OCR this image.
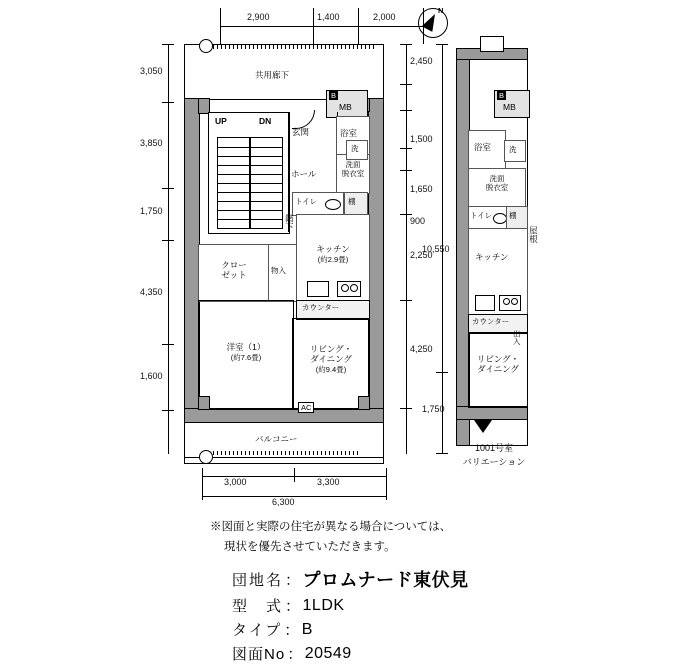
N
2,900	1,400	2,000
3,050
3,850
1,750
4,350
1,600
共用廊下
B
MB
UP	DN
玄関
ホール
浴室
洗面
脱衣室
洗
トイレ	棚
階下
クロー
ゼット	物入
キッチン
(約2.9畳)
カウンター
洋室（1）
(約7.6畳)
リビング・
ダイニング
(約9.4畳)
AC
バルコニー
2,450
1,500
1,650
900
2,250
4,250
10,550
1,750
B
MB
浴室 洗
洗面
脱衣室
トイレ 棚
キッチン
カウンター
リビング・
ダイニング
屋根
出入
1001号室
バリエーション
3,000	3,300
6,300
※図面と実際の住宅が異なる場合については、
現状を優先させていただきます。
団地名 ： プロムナード東伏見
型　式 ： 1LDK
タイプ ： B
図面No ： 20549
